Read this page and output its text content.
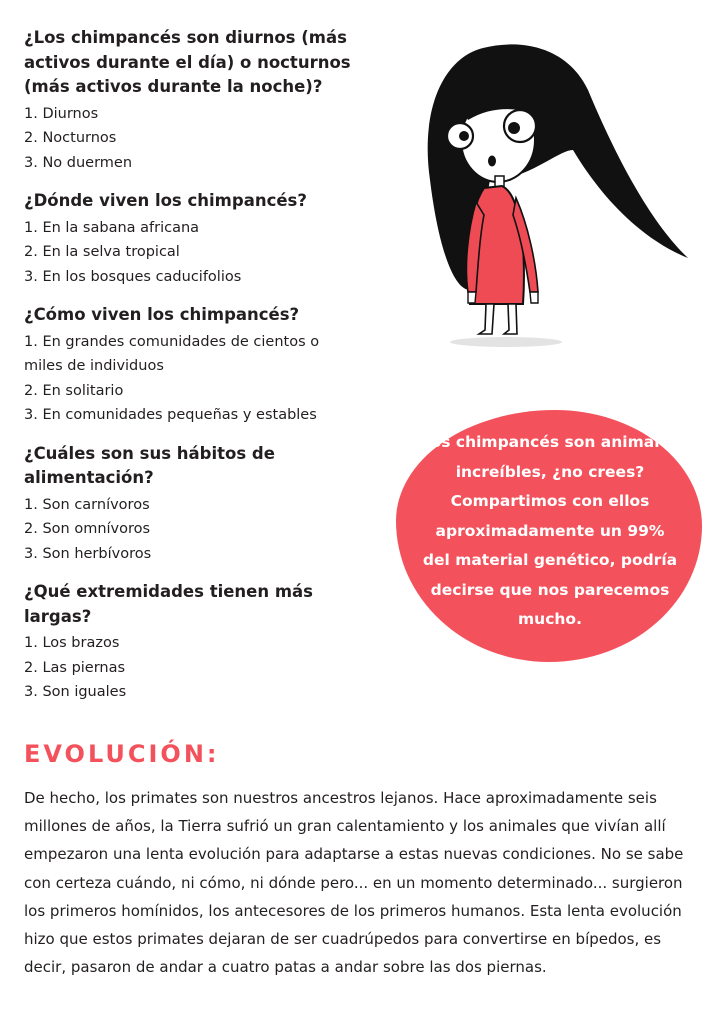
¿Los chimpancés son diurnos (más activos durante el día) o nocturnos (más activos durante la noche)?

1. Diurnos

2. Nocturnos

3. No duermen

¿Dónde viven los chimpancés?

1. En la sabana africana

2. En la selva tropical

3. En los bosques caducifolios

¿Cómo viven los chimpancés?

1. En grandes comunidades de cientos o miles de individuos

2. En solitario

3. En comunidades pequeñas y estables

¿Cuáles son sus hábitos de alimentación?

1. Son carnívoros

2. Son omnívoros

3. Son herbívoros

¿Qué extremidades tienen más largas?

1. Los brazos

2. Las piernas

3. Son iguales

Los chimpancés son animales increíbles, ¿no crees? Compartimos con ellos aproximadamente un 99% del material genético, podría decirse que nos parecemos mucho.
EVOLUCIÓN:

De hecho, los primates son nuestros ancestros lejanos. Hace aproximadamente seis millones de años, la Tierra sufrió un gran calentamiento y los animales que vivían allí empezaron una lenta evolución para adaptarse a estas nuevas condiciones. No se sabe con certeza cuándo, ni cómo, ni dónde pero... en un momento determinado... surgieron los primeros homínidos, los antecesores de los primeros humanos. Esta lenta evolución hizo que estos primates dejaran de ser cuadrúpedos para convertirse en bípedos, es decir, pasaron de andar a cuatro patas a andar sobre las dos piernas.
